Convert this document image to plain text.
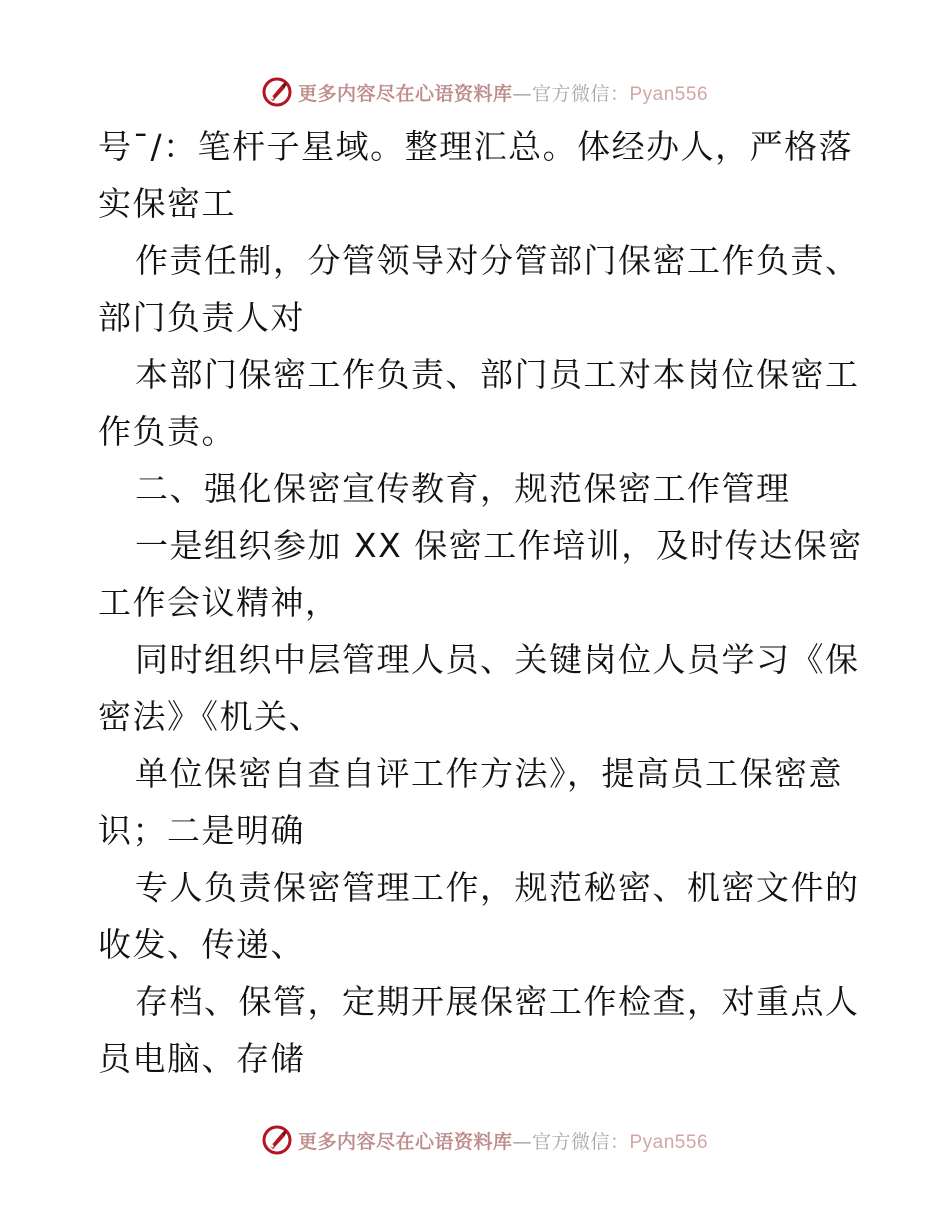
更多内容尽在心语资料库—官方微信：Pyan556
号¯/：笔杆子星域。整理汇总。体经办人，严格落
实保密工
作责任制，分管领导对分管部门保密工作负责、
部门负责人对
本部门保密工作负责、部门员工对本岗位保密工
作负责。
二、强化保密宣传教育，规范保密工作管理
一是组织参加 XX 保密工作培训，及时传达保密
工作会议精神，
同时组织中层管理人员、关键岗位人员学习《保
密法》《机关、
单位保密自查自评工作方法》，提高员工保密意
识；二是明确
专人负责保密管理工作，规范秘密、机密文件的
收发、传递、
存档、保管，定期开展保密工作检查，对重点人
员电脑、存储
更多内容尽在心语资料库—官方微信：Pyan556
